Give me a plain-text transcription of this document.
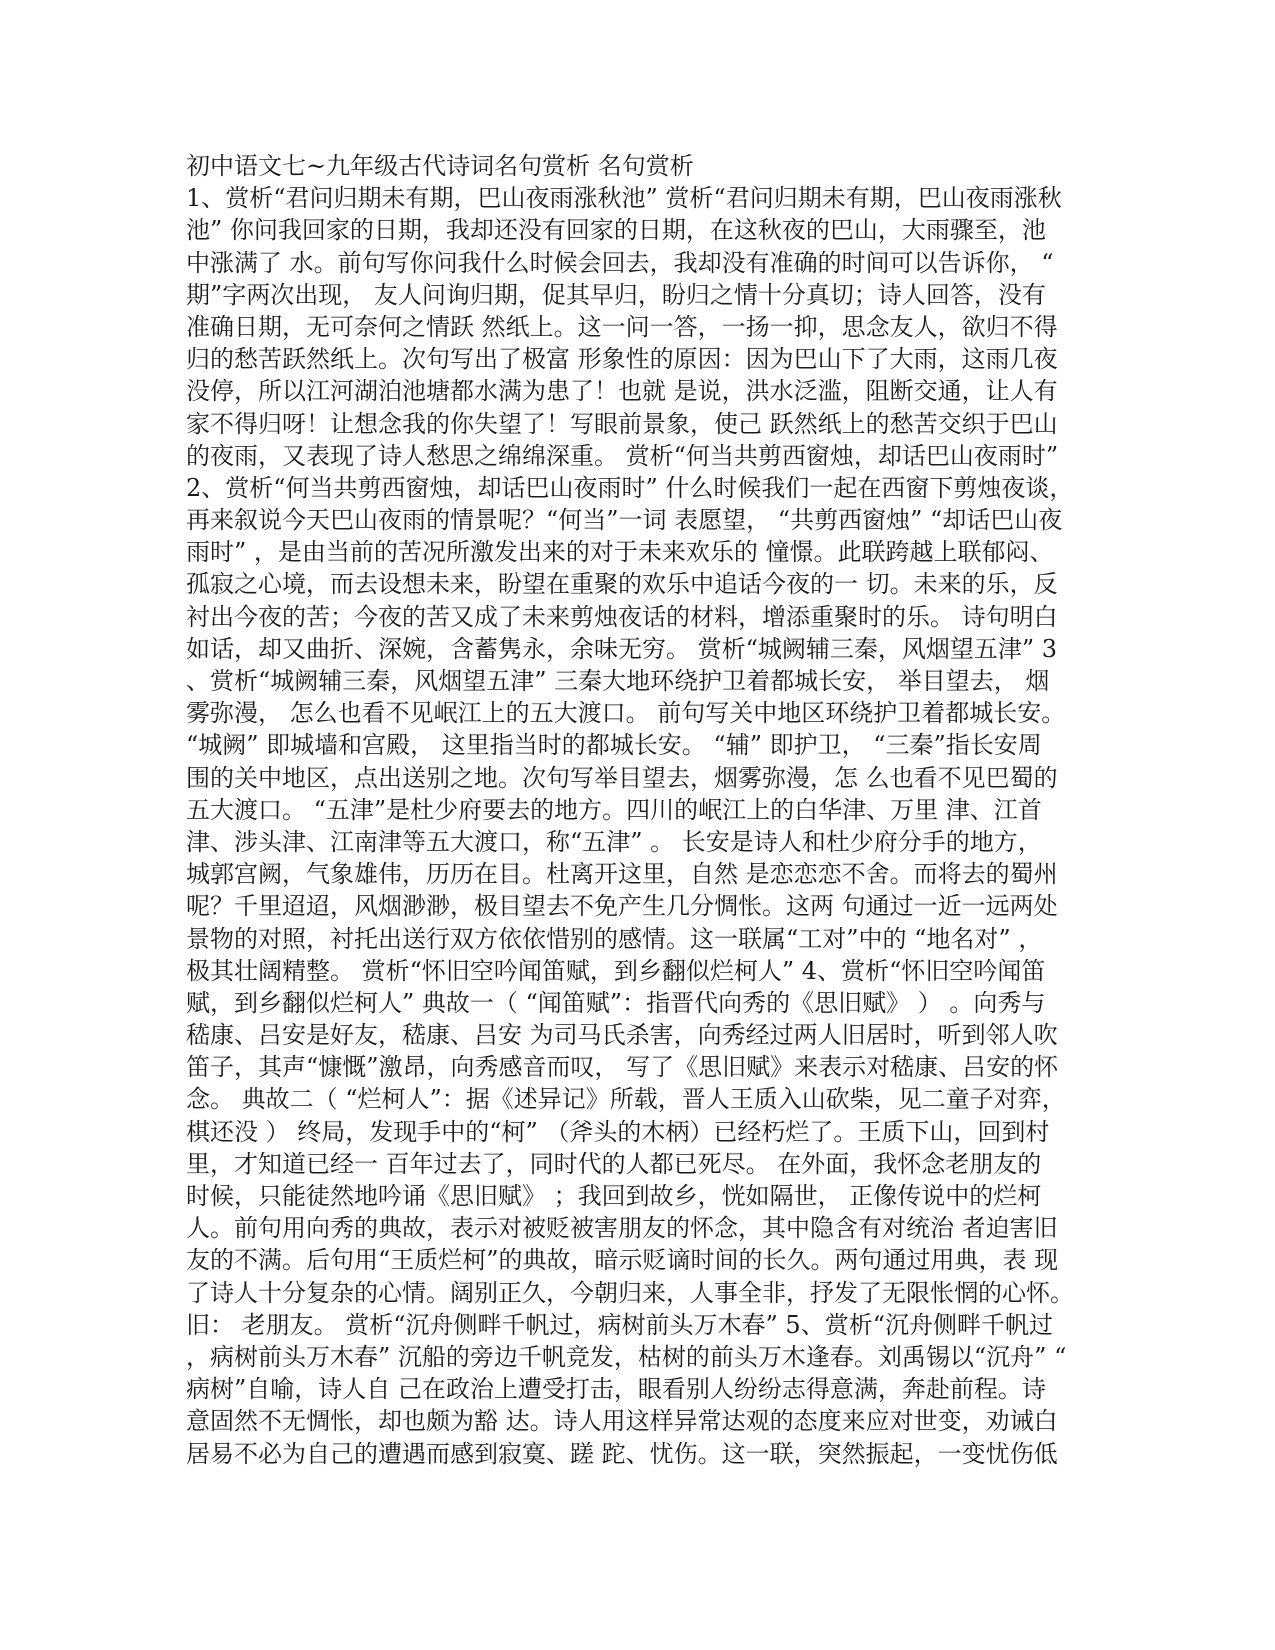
初中语文七~九年级古代诗词名句赏析 名句赏析
1、赏析“君问归期未有期，巴山夜雨涨秋池” 赏析“君问归期未有期，巴山夜雨涨秋
池” 你问我回家的日期，我却还没有回家的日期，在这秋夜的巴山，大雨骤至，池
中涨满了 水。前句写你问我什么时候会回去，我却没有准确的时间可以告诉你， “
期”字两次出现， 友人问询归期，促其早归，盼归之情十分真切；诗人回答，没有
准确日期，无可奈何之情跃 然纸上。这一问一答，一扬一抑，思念友人，欲归不得
归的愁苦跃然纸上。次句写出了极富 形象性的原因：因为巴山下了大雨，这雨几夜
没停，所以江河湖泊池塘都水满为患了！也就 是说，洪水泛滥，阻断交通，让人有
家不得归呀！让想念我的你失望了！写眼前景象，使己 跃然纸上的愁苦交织于巴山
的夜雨，又表现了诗人愁思之绵绵深重。 赏析“何当共剪西窗烛，却话巴山夜雨时”
2、赏析“何当共剪西窗烛，却话巴山夜雨时” 什么时候我们一起在西窗下剪烛夜谈，
再来叙说今天巴山夜雨的情景呢？“何当”一词 表愿望， “共剪西窗烛” “却话巴山夜
雨时” ，是由当前的苦况所激发出来的对于未来欢乐的 憧憬。此联跨越上联郁闷、
孤寂之心境，而去设想未来，盼望在重聚的欢乐中追话今夜的一 切。未来的乐，反
衬出今夜的苦；今夜的苦又成了未来剪烛夜话的材料，增添重聚时的乐。 诗句明白
如话，却又曲折、深婉，含蓄隽永，余味无穷。 赏析“城阙辅三秦，风烟望五津” 3
、赏析“城阙辅三秦，风烟望五津” 三秦大地环绕护卫着都城长安， 举目望去， 烟
雾弥漫， 怎么也看不见岷江上的五大渡口。 前句写关中地区环绕护卫着都城长安。
“城阙” 即城墙和宫殿， 这里指当时的都城长安。 “辅” 即护卫， “三秦”指长安周
围的关中地区，点出送别之地。次句写举目望去，烟雾弥漫，怎 么也看不见巴蜀的
五大渡口。 “五津”是杜少府要去的地方。四川的岷江上的白华津、万里 津、江首
津、涉头津、江南津等五大渡口，称“五津” 。 长安是诗人和杜少府分手的地方，
城郭宫阙，气象雄伟，历历在目。杜离开这里，自然 是恋恋恋不舍。而将去的蜀州
呢？千里迢迢，风烟渺渺，极目望去不免产生几分惆怅。这两 句通过一近一远两处
景物的对照，衬托出送行双方依依惜别的感情。这一联属“工对”中的 “地名对” ，
极其壮阔精整。 赏析“怀旧空吟闻笛赋，到乡翻似烂柯人” 4、赏析“怀旧空吟闻笛
赋，到乡翻似烂柯人” 典故一（ “闻笛赋”：指晋代向秀的《思旧赋》 ） 。向秀与
嵇康、吕安是好友，嵇康、吕安 为司马氏杀害，向秀经过两人旧居时，听到邻人吹
笛子，其声“慷慨”激昂，向秀感音而叹， 写了《思旧赋》来表示对嵇康、吕安的怀
念。 典故二（ “烂柯人”：据《述异记》所载，晋人王质入山砍柴，见二童子对弈，
棋还没 ） 终局，发现手中的“柯” （斧头的木柄）已经朽烂了。王质下山，回到村
里，才知道已经一 百年过去了，同时代的人都已死尽。 在外面，我怀念老朋友的
时候，只能徒然地吟诵《思旧赋》 ；我回到故乡，恍如隔世， 正像传说中的烂柯
人。前句用向秀的典故，表示对被贬被害朋友的怀念，其中隐含有对统治 者迫害旧
友的不满。后句用“王质烂柯”的典故，暗示贬谪时间的长久。两句通过用典，表 现
了诗人十分复杂的心情。阔别正久，今朝归来，人事全非，抒发了无限怅惘的心怀。
旧： 老朋友。 赏析“沉舟侧畔千帆过，病树前头万木春” 5、赏析“沉舟侧畔千帆过
，病树前头万木春” 沉船的旁边千帆竞发，枯树的前头万木逢春。刘禹锡以“沉舟” “
病树”自喻，诗人自 己在政治上遭受打击，眼看别人纷纷志得意满，奔赴前程。诗
意固然不无惆怅，却也颇为豁 达。诗人用这样异常达观的态度来应对世变，劝诫白
居易不必为自己的遭遇而感到寂寞、蹉 跎、忧伤。这一联，突然振起，一变忧伤低
